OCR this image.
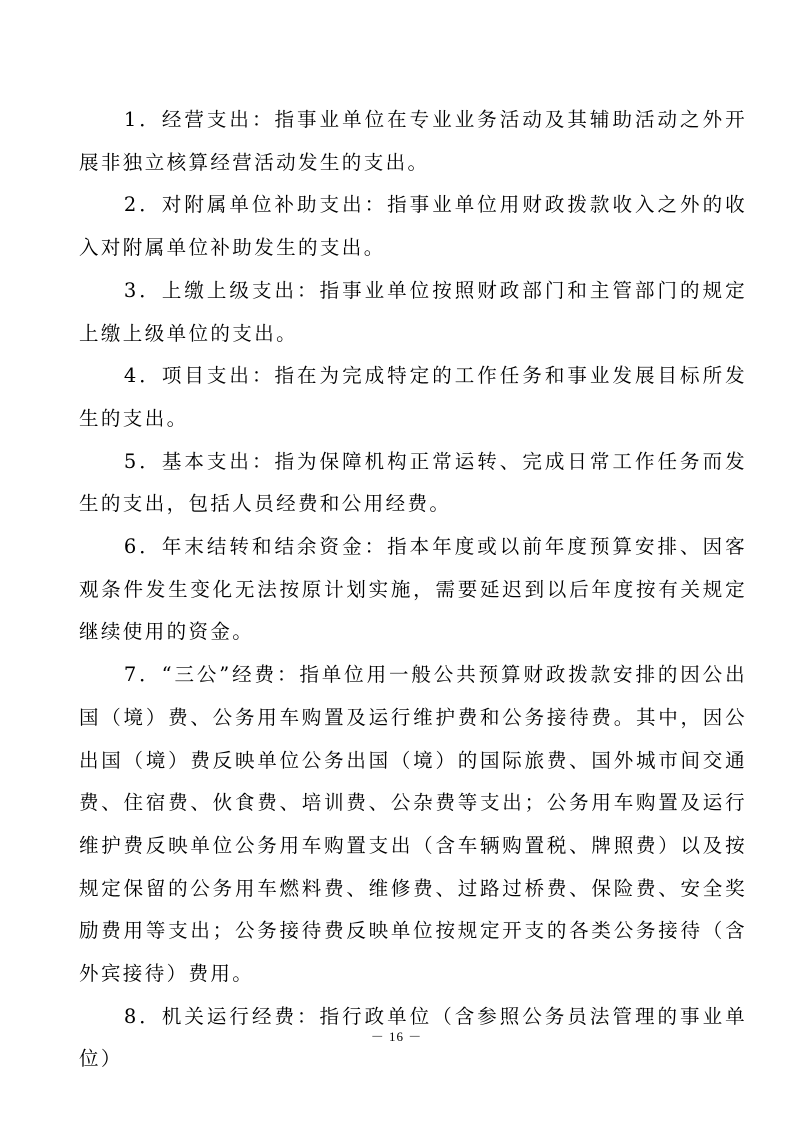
1．经营支出：指事业单位在专业业务活动及其辅助活动之外开展非独立核算经营活动发生的支出。

2．对附属单位补助支出：指事业单位用财政拨款收入之外的收入对附属单位补助发生的支出。

3．上缴上级支出：指事业单位按照财政部门和主管部门的规定上缴上级单位的支出。

4．项目支出：指在为完成特定的工作任务和事业发展目标所发生的支出。

5．基本支出：指为保障机构正常运转、完成日常工作任务而发生的支出，包括人员经费和公用经费。

6．年末结转和结余资金：指本年度或以前年度预算安排、因客观条件发生变化无法按原计划实施，需要延迟到以后年度按有关规定继续使用的资金。

7．“三公”经费：指单位用一般公共预算财政拨款安排的因公出国（境）费、公务用车购置及运行维护费和公务接待费。其中，因公出国（境）费反映单位公务出国（境）的国际旅费、国外城市间交通费、住宿费、伙食费、培训费、公杂费等支出；公务用车购置及运行维护费反映单位公务用车购置支出（含车辆购置税、牌照费）以及按规定保留的公务用车燃料费、维修费、过路过桥费、保险费、安全奖励费用等支出；公务接待费反映单位按规定开支的各类公务接待（含外宾接待）费用。

8．机关运行经费：指行政单位（含参照公务员法管理的事业单位）

－ 16 －
